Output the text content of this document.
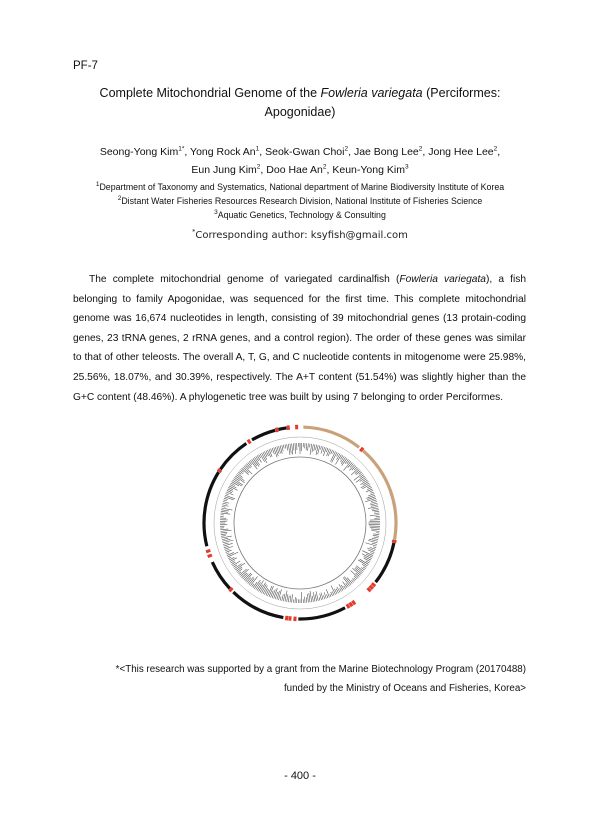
PF-7
Complete Mitochondrial Genome of the Fowleria variegata (Perciformes:
Apogonidae)
Seong-Yong Kim$^{1*}$, Yong Rock An$^1$, Seok-Gwan Choi$^2$, Jae Bong Lee$^2$, Jong Hee Lee$^2$,
Eun Jung Kim$^2$, Doo Hae An$^2$, Keun-Yong Kim$^3$
$^1$Department of Taxonomy and Systematics, National department of Marine Biodiversity Institute of Korea
$^2$Distant Water Fisheries Resources Research Division, National Institute of Fisheries Science
$^3$Aquatic Genetics, Technology & Consulting
*Corresponding author: ksyfish@gmail.com
The complete mitochondrial genome of variegated cardinalfish (Fowleria variegata), a fish belonging to family Apogonidae, was sequenced for the first time. This complete mitochondrial genome was 16,674 nucleotides in length, consisting of 39 mitochondrial genes (13 protain-coding genes, 23 tRNA genes, 2 rRNA genes, and a control region). The order of these genes was similar to that of other teleosts. The overall A, T, G, and C nucleotide contents in mitogenome were 25.98%, 25.56%, 18.07%, and 30.39%, respectively. The A+T content (51.54%) was slightly higher than the G+C content (48.46%). A phylogenetic tree was built by using 7 belonging to order Perciformes.
*<This research was supported by a grant from the Marine Biotechnology Program (20170488)
funded by the Ministry of Oceans and Fisheries, Korea>
- 400 -
